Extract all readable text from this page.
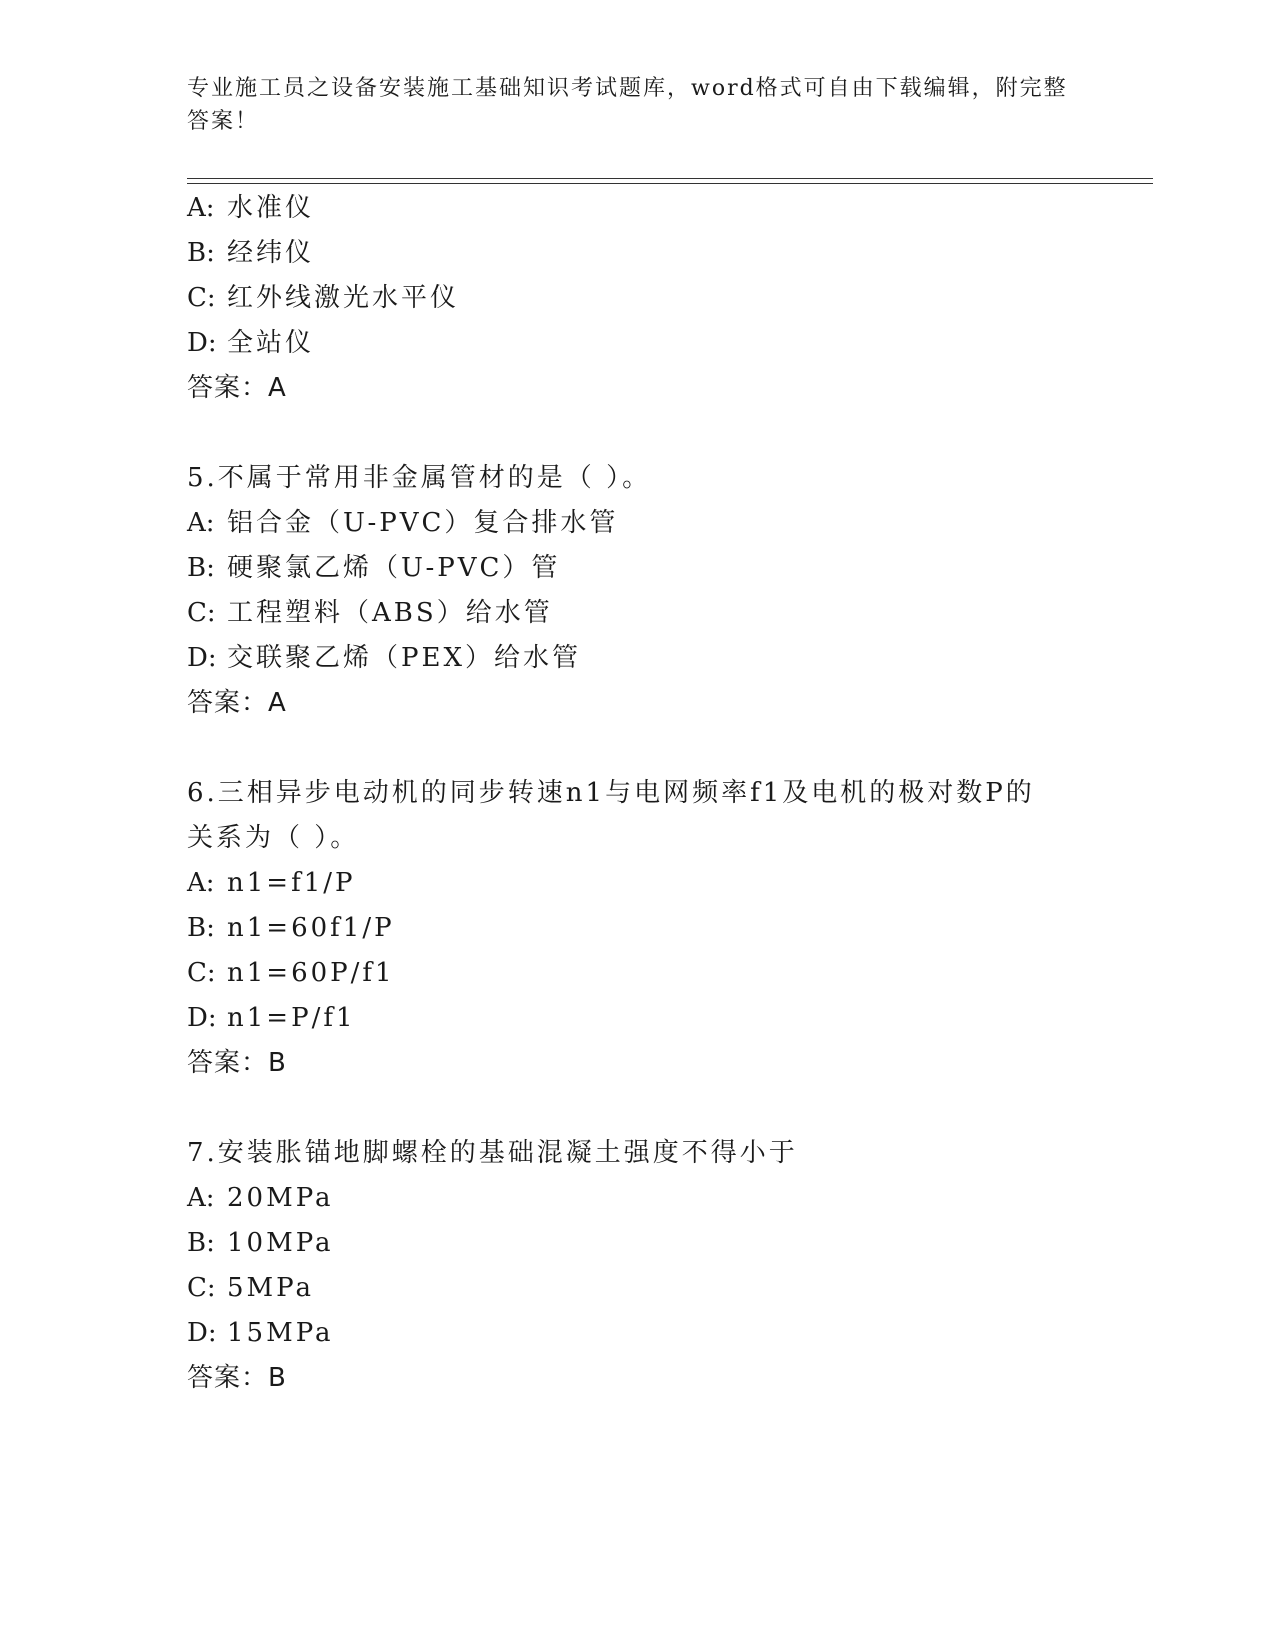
专业施工员之设备安装施工基础知识考试题库，word格式可自由下载编辑，附完整答案！
A: 水准仪
B: 经纬仪
C: 红外线激光水平仪
D: 全站仪
答案：A
5.不属于常用非金属管材的是（ ）。
A: 铝合金（U-PVC）复合排水管
B: 硬聚氯乙烯（U-PVC）管
C: 工程塑料（ABS）给水管
D: 交联聚乙烯（PEX）给水管
答案：A
6.三相异步电动机的同步转速n1与电网频率f1及电机的极对数P的
关系为（ ）。
A: n1=f1/P
B: n1=60f1/P
C: n1=60P/f1
D: n1=P/f1
答案：B
7.安装胀锚地脚螺栓的基础混凝土强度不得小于
A: 20MPa
B: 10MPa
C: 5MPa
D: 15MPa
答案：B
